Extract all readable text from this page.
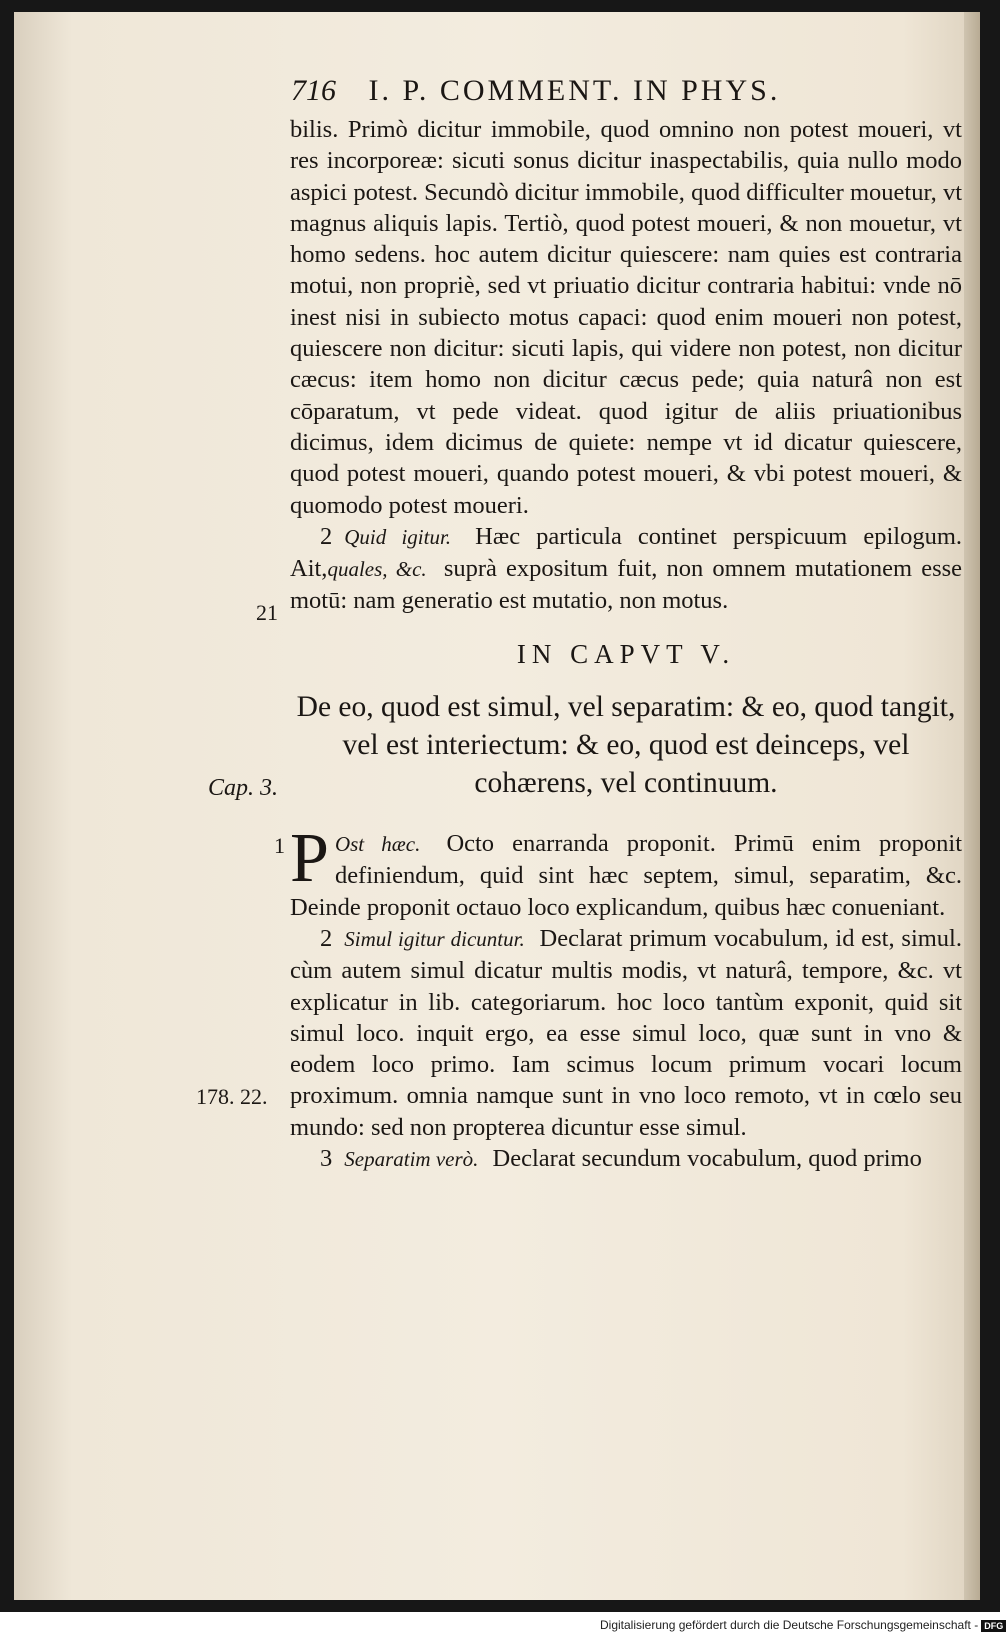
716 I. P. COMMENT. IN PHYS.
21
Cap. 3.
178. 22.

bilis. Primò dicitur immobile, quod omnino non potest moueri, vt res incorporeæ: sicuti sonus dicitur inaspectabilis, quia nullo modo aspici potest. Secundò dicitur immobile, quod difficulter mouetur, vt magnus aliquis lapis. Tertiò, quod potest moueri, & non mouetur, vt homo sedens. hoc autem dicitur quiescere: nam quies est contraria motui, non propriè, sed vt priuatio dicitur contraria habitui: vnde nō inest nisi in subiecto motus capaci: quod enim moueri non potest, quiescere non dicitur: sicuti lapis, qui videre non potest, non dicitur cæcus: item homo non dicitur cæcus pede; quia naturâ non est cōparatum, vt pede videat. quod igitur de aliis priuationibus dicimus, idem dicimus de quiete: nempe vt id dicatur quiescere, quod potest moueri, quando potest moueri, & vbi potest moueri, & quomodo potest moueri.

2 Quid igitur. Hæc particula continet perspicuum epilogum. Ait,quales, &c. suprà expositum fuit, non omnem mutationem esse motū: nam generatio est mutatio, non motus.

IN CAPVT V.
De eo, quod est simul, vel separatim: & eo, quod tangit, vel est interiectum: & eo, quod est deinceps, vel cohærens, vel continuum.
1 P Ost hæc. Octo enarranda proponit. Primū enim proponit definiendum, quid sint hæc septem, simul, separatim, &c. Deinde proponit octauo loco explicandum, quibus hæc conueniant.

2 Simul igitur dicuntur. Declarat primum vocabulum, id est, simul. cùm autem simul dicatur multis modis, vt naturâ, tempore, &c. vt explicatur in lib. categoriarum. hoc loco tantùm exponit, quid sit simul loco. inquit ergo, ea esse simul loco, quæ sunt in vno & eodem loco primo. Iam scimus locum primum vocari locum proximum. omnia namque sunt in vno loco remoto, vt in cœlo seu mundo: sed non propterea dicuntur esse simul.

3 Separatim verò. Declarat secundum vocabulum, quod primo

Digitalisierung gefördert durch die Deutsche Forschungsgemeinschaft - DFG
